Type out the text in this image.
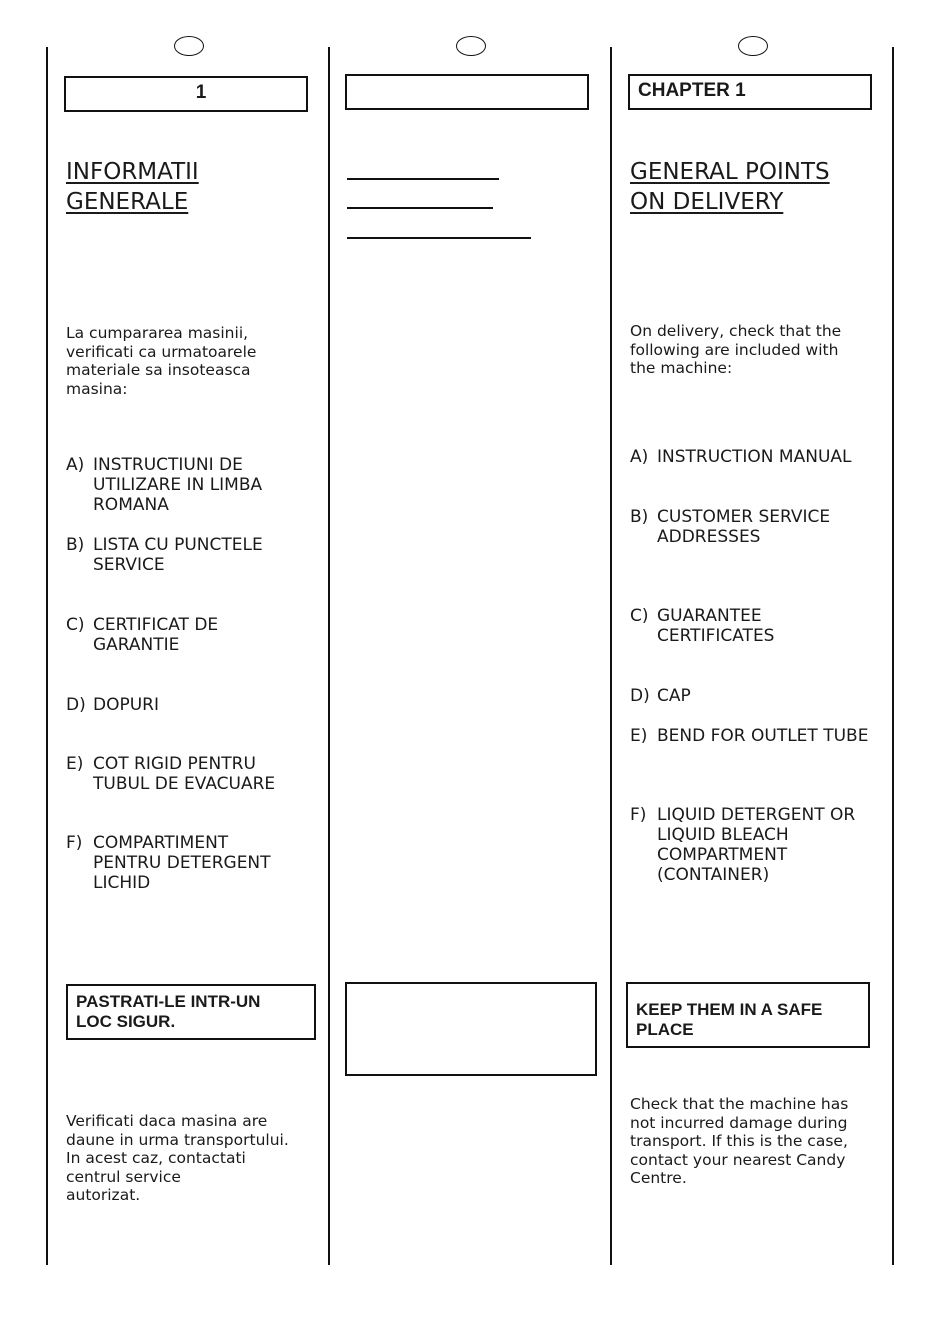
1	CHAPTER 1
INFORMATII
GENERALE
GENERAL POINTS
ON DELIVERY

La cumpararea masinii,
verificati ca urmatoarele
materiale sa insoteasca
masina:

On delivery, check that the
following are included with
the machine:

A) INSTRUCTIUNI DE
UTILIZARE IN LIMBA
ROMANA
B) LISTA CU PUNCTELE
SERVICE
C) CERTIFICAT DE
GARANTIE
D) DOPURI
E) COT RIGID PENTRU
TUBUL DE EVACUARE
F) COMPARTIMENT
PENTRU DETERGENT
LICHID
A) INSTRUCTION MANUAL
B) CUSTOMER SERVICE
ADDRESSES
C) GUARANTEE
CERTIFICATES
D) CAP
E) BEND FOR OUTLET TUBE
F) LIQUID DETERGENT OR
LIQUID BLEACH
COMPARTMENT
(CONTAINER)
PASTRATI-LE INTR-UN
LOC SIGUR.
KEEP THEM IN A SAFE
PLACE

Verificati daca masina are
daune in urma transportului.
In acest caz, contactati
centrul service
autorizat.

Check that the machine has
not incurred damage during
transport. If this is the case,
contact your nearest Candy
Centre.
